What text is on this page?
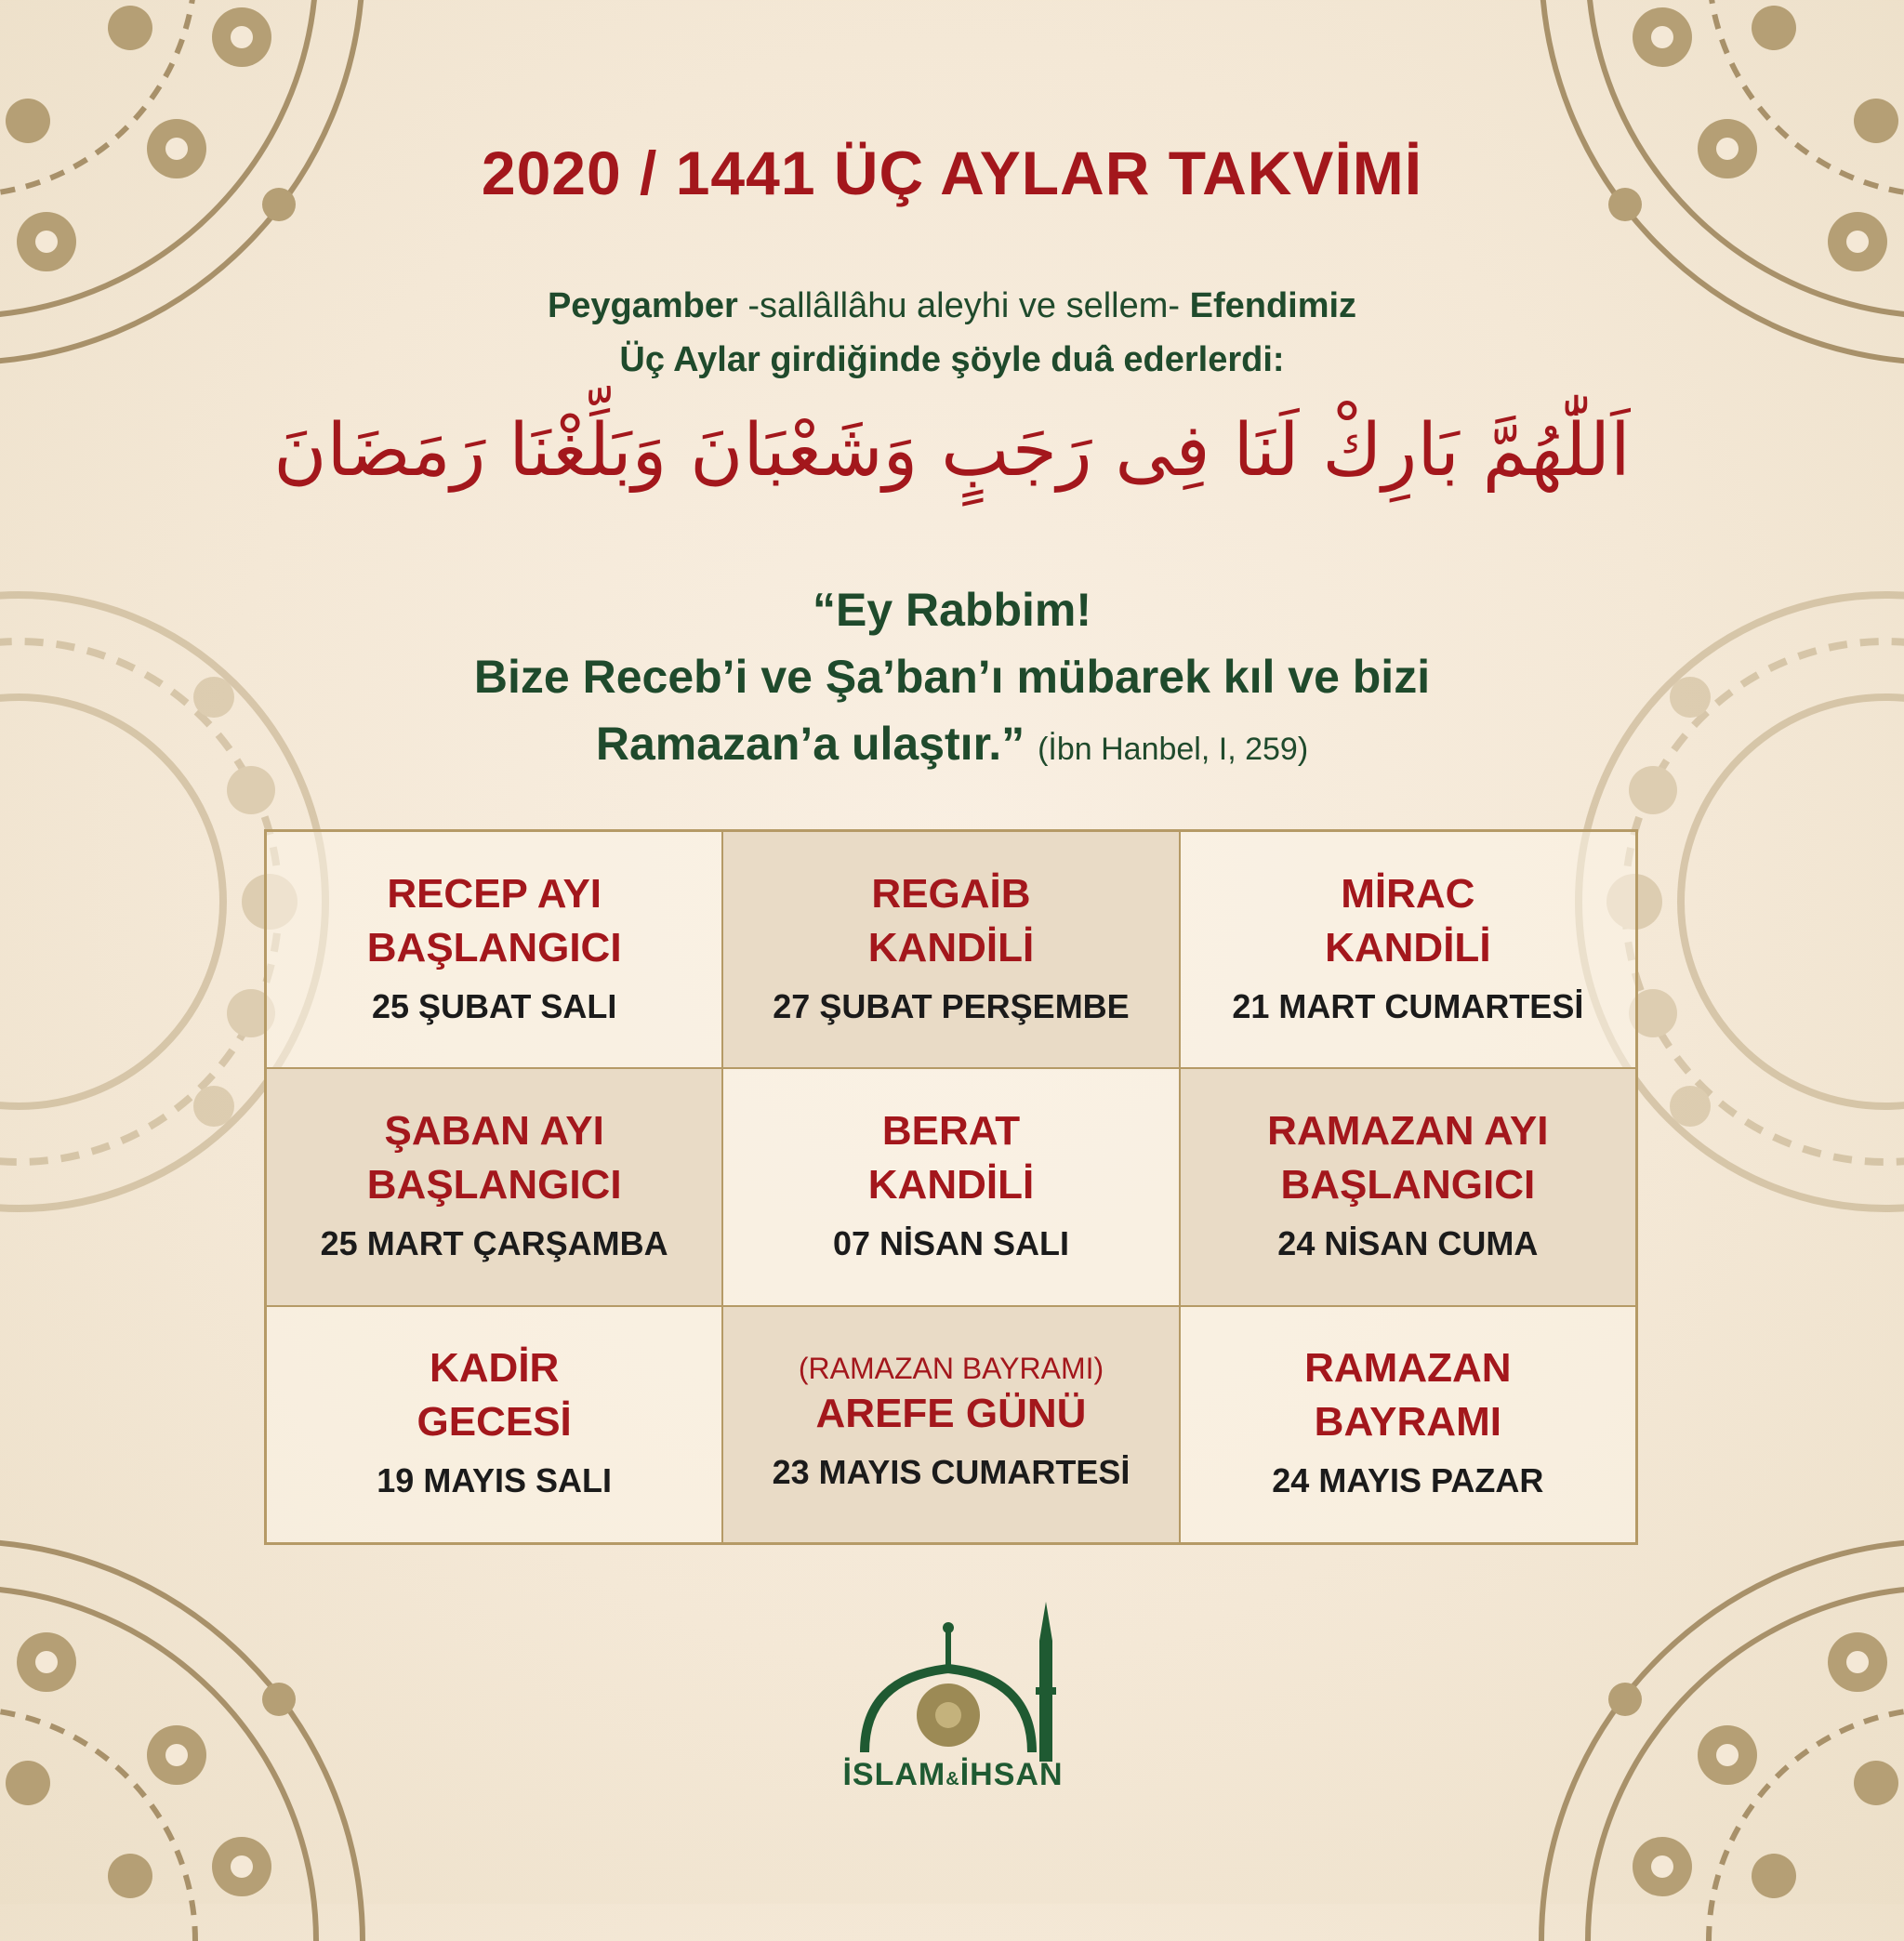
2020 / 1441 ÜÇ AYLAR TAKVİMİ
Peygamber -sallâllâhu aleyhi ve sellem- Efendimiz
Üç Aylar girdiğinde şöyle duâ ederlerdi:
اَللّٰهُمَّ بَارِكْ لَنَا فِى رَجَبٍ وَشَعْبَانَ وَبَلِّغْنَا رَمَضَانَ
“Ey Rabbim!
Bize Receb’i ve Şa’ban’ı mübarek kıl ve bizi
Ramazan’a ulaştır.” (İbn Hanbel, I, 259)
RECEP AYI
BAŞLANGICI
25 ŞUBAT SALI
REGAİB
KANDİLİ
27 ŞUBAT PERŞEMBE
MİRAC
KANDİLİ
21 MART CUMARTESİ
ŞABAN AYI
BAŞLANGICI
25 MART ÇARŞAMBA
BERAT
KANDİLİ
07 NİSAN SALI
RAMAZAN AYI
BAŞLANGICI
24 NİSAN CUMA
KADİR
GECESİ
19 MAYIS SALI
(RAMAZAN BAYRAMI)
AREFE GÜNÜ
23 MAYIS CUMARTESİ
RAMAZAN
BAYRAMI
24 MAYIS PAZAR
İSLAM&İHSAN
